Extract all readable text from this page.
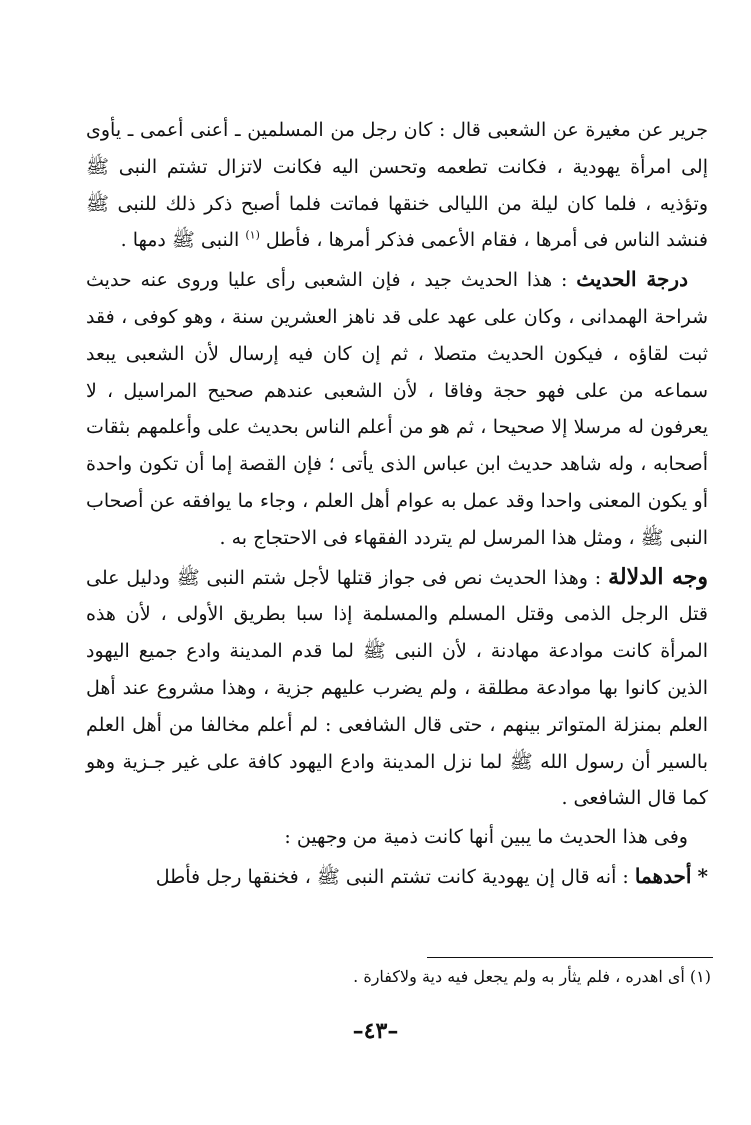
جرير عن مغيرة عن الشعبى قال : كان رجل من المسلمين ـ أعنى أعمى ـ يأوى إلى امرأة يهودية ، فكانت تطعمه وتحسن اليه فكانت لاتزال تشتم النبى ﷺ وتؤذيه ، فلما كان ليلة من الليالى خنقها فماتت فلما أصبح ذكر ذلك للنبى ﷺ فنشد الناس فى أمرها ، فقام الأعمى فذكر أمرها ، فأطل $^{(١)}$ النبى ﷺ دمها .

درجة الحديث : هذا الحديث جيد ، فإن الشعبى رأى عليا وروى عنه حديث شراحة الهمدانى ، وكان على عهد على قد ناهز العشرين سنة ، وهو كوفى ، فقد ثبت لقاؤه ، فيكون الحديث متصلا ، ثم إن كان فيه إرسال لأن الشعبى يبعد سماعه من على فهو حجة وفاقا ، لأن الشعبى عندهم صحيح المراسيل ، لا يعرفون له مرسلا إلا صحيحا ، ثم هو من أعلم الناس بحديث على وأعلمهم بثقات أصحابه ، وله شاهد حديث ابن عباس الذى يأتى ؛ فإن القصة إما أن تكون واحدة أو يكون المعنى واحدا وقد عمل به عوام أهل العلم ، وجاء ما يوافقه عن أصحاب النبى ﷺ ، ومثل هذا المرسل لم يتردد الفقهاء فى الاحتجاج به .

وجه الدلالة : وهذا الحديث نص فى جواز قتلها لأجل شتم النبى ﷺ ودليل على قتل الرجل الذمى وقتل المسلم والمسلمة إذا سبا بطريق الأولى ، لأن هذه المرأة كانت موادعة مهادنة ، لأن النبى ﷺ لما قدم المدينة وادع جميع اليهود الذين كانوا بها موادعة مطلقة ، ولم يضرب عليهم جزية ، وهذا مشروع عند أهل العلم بمنزلة المتواتر بينهم ، حتى قال الشافعى : لم أعلم مخالفا من أهل العلم بالسير أن رسول الله ﷺ لما نزل المدينة وادع اليهود كافة على غير جـزية وهو كما قال الشافعى .

وفى هذا الحديث ما يبين أنها كانت ذمية من وجهين :

* أحدهما : أنه قال إن يهودية كانت تشتم النبى ﷺ ، فخنقها رجل فأطل

(١) أى اهدره ، فلم يثأر به ولم يجعل فيه دية ولاكفارة .
–٤٣–
